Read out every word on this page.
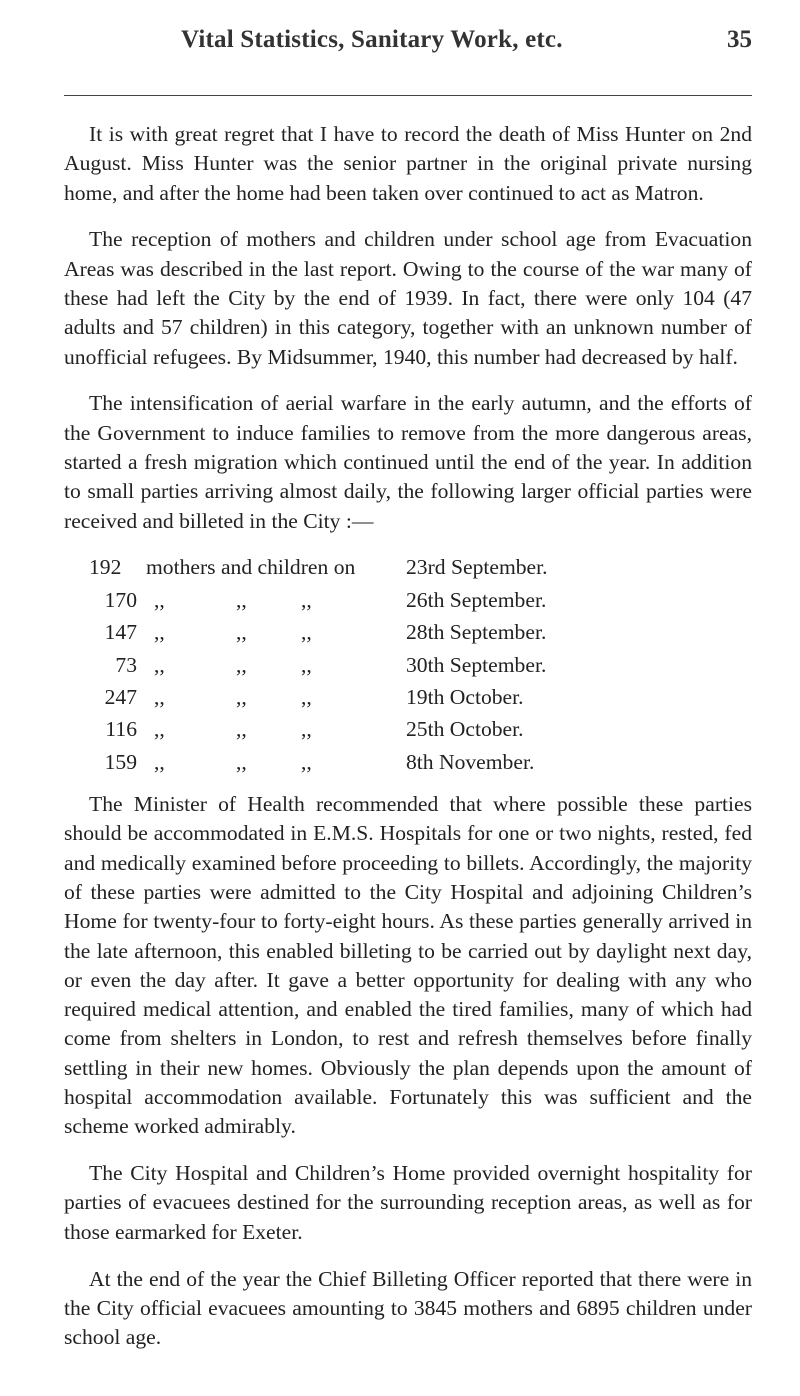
Vital Statistics, Sanitary Work, etc.	35

It is with great regret that I have to record the death of Miss Hunter on 2nd August. Miss Hunter was the senior partner in the original private nursing home, and after the home had been taken over continued to act as Matron.

The reception of mothers and children under school age from Evacuation Areas was described in the last report. Owing to the course of the war many of these had left the City by the end of 1939. In fact, there were only 104 (47 adults and 57 children) in this category, together with an unknown number of unofficial refugees. By Midsummer, 1940, this number had decreased by half.

The intensification of aerial warfare in the early autumn, and the efforts of the Government to induce families to remove from the more dangerous areas, started a fresh migration which continued until the end of the year. In addition to small parties arriving almost daily, the following larger official parties were received and billeted in the City :—

192	mothers and children on 23rd September.
170 ,,	,,	,,	26th September.
147 ,,	,,	,,	28th September.
73 ,,	,,	,,	30th September.
247 ,,	,,	,,	19th October.
116 ,,	,,	,,	25th October.
159 ,,	,,	,,	8th November.

The Minister of Health recommended that where possible these parties should be accommodated in E.M.S. Hospitals for one or two nights, rested, fed and medically examined before proceeding to billets. Accordingly, the majority of these parties were admitted to the City Hospital and adjoining Children’s Home for twenty-four to forty-eight hours. As these parties generally arrived in the late afternoon, this enabled billeting to be carried out by daylight next day, or even the day after. It gave a better opportunity for dealing with any who required medical attention, and enabled the tired families, many of which had come from shelters in London, to rest and refresh themselves before finally settling in their new homes. Obviously the plan depends upon the amount of hospital accommodation available. Fortunately this was sufficient and the scheme worked admirably.

The City Hospital and Children’s Home provided overnight hospitality for parties of evacuees destined for the surrounding reception areas, as well as for those earmarked for Exeter.

At the end of the year the Chief Billeting Officer reported that there were in the City official evacuees amounting to 3845 mothers and 6895 children under school age.
